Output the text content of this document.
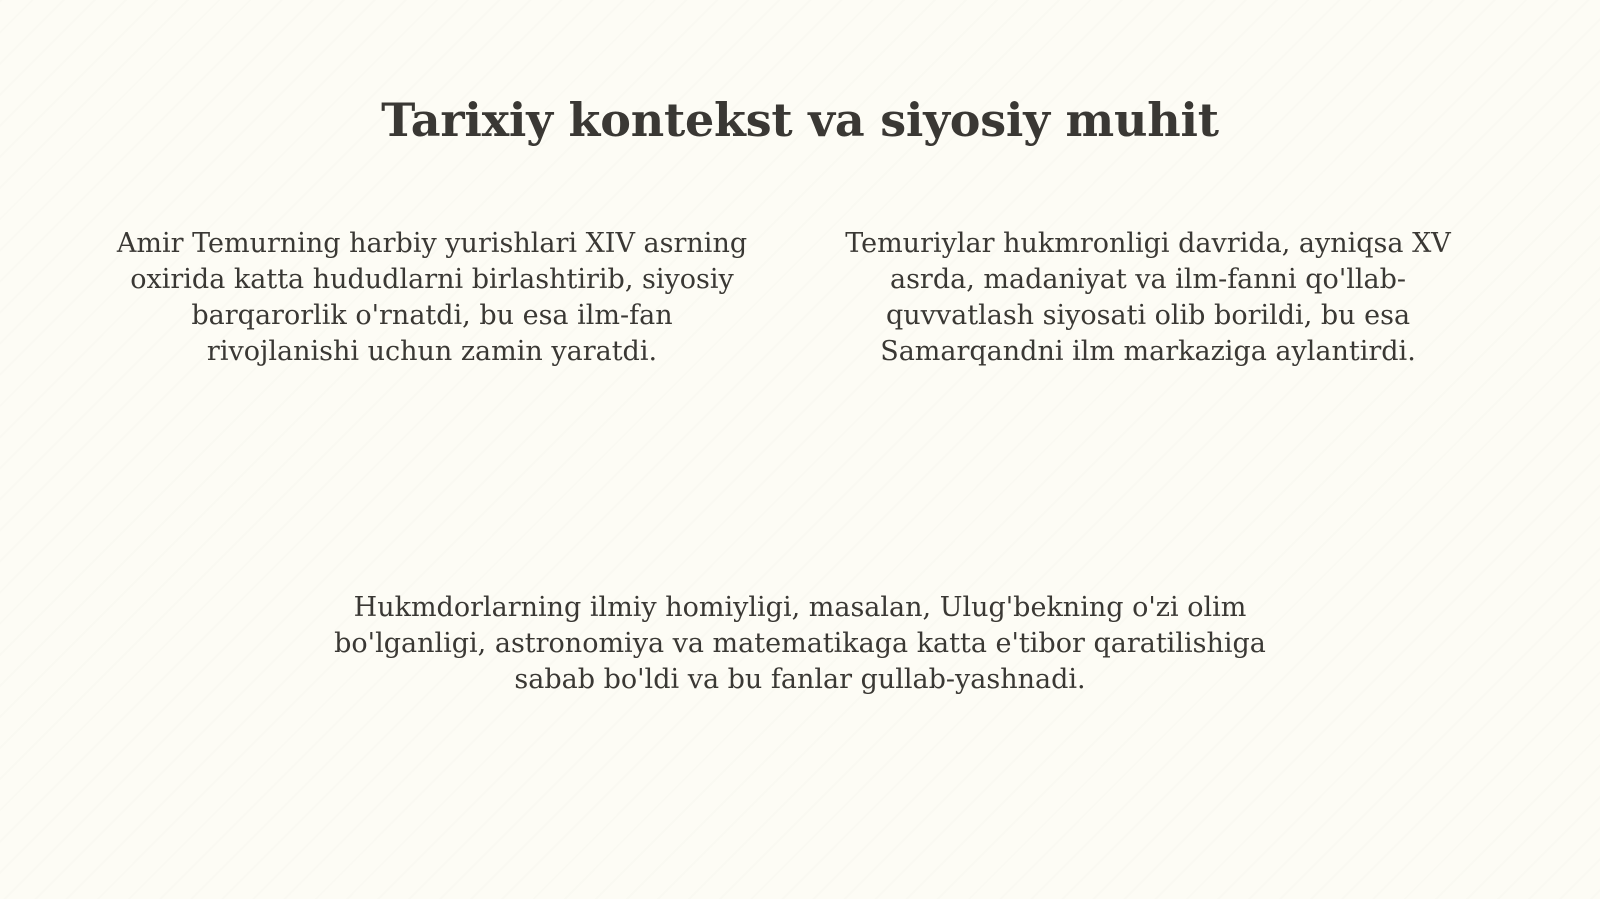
Tarixiy kontekst va siyosiy muhit

Amir Temurning harbiy yurishlari XIV asrning oxirida katta hududlarni birlashtirib, siyosiy barqarorlik o'rnatdi, bu esa ilm-fan rivojlanishi uchun zamin yaratdi.

Temuriylar hukmronligi davrida, ayniqsa XV asrda, madaniyat va ilm-fanni qo'llab-quvvatlash siyosati olib borildi, bu esa Samarqandni ilm markaziga aylantirdi.

Hukmdorlarning ilmiy homiyligi, masalan, Ulug'bekning o'zi olim bo'lganligi, astronomiya va matematikaga katta e'tibor qaratilishiga sabab bo'ldi va bu fanlar gullab-yashnadi.
